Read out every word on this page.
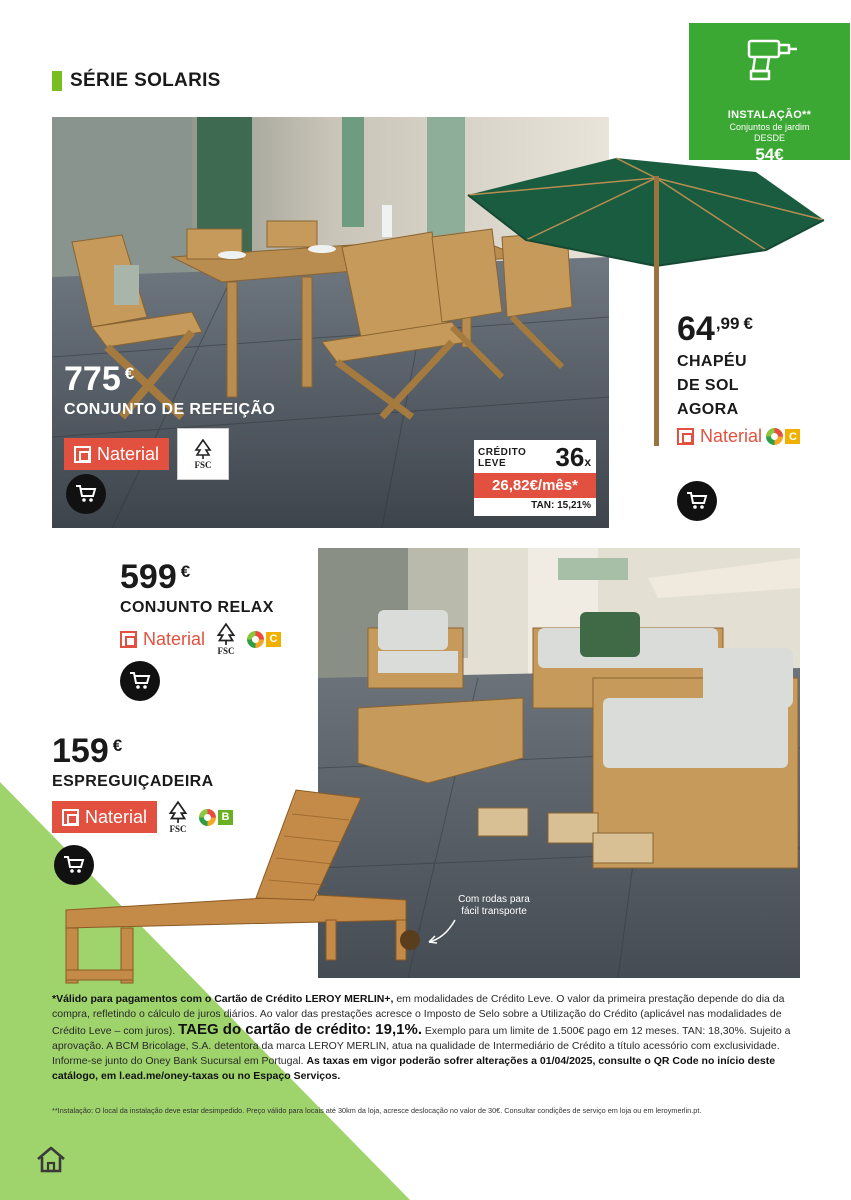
SÉRIE SOLARIS
INSTALAÇÃO**
Conjuntos de jardim
DESDE
54€
775 €
CONJUNTO DE REFEIÇÃO
Naterial
FSC
CRÉDITO
LEVE	36x
26,82€/mês*
TAN: 15,21%
64 ,99 €
CHAPÉU
DE SOL
AGORA
Naterial
	C
599 €
CONJUNTO RELAX
Naterial
FSC
C
159 €
ESPREGUIÇADEIRA
Naterial
FSC
B
Com rodas para
fácil transporte
*Válido para pagamentos com o Cartão de Crédito LEROY MERLIN+, em modalidades de Crédito Leve. O valor da primeira prestação depende do dia da compra, refletindo o cálculo de juros diários. Ao valor das prestações acresce o Imposto de Selo sobre a Utilização do Crédito (aplicável nas modalidades de Crédito Leve – com juros). TAEG do cartão de crédito: 19,1%. Exemplo para um limite de 1.500€ pago em 12 meses. TAN: 18,30%. Sujeito a aprovação. A BCM Bricolage, S.A. detentora da marca LEROY MERLIN, atua na qualidade de Intermediário de Crédito a título acessório com exclusividade. Informe-se junto do Oney Bank Sucursal em Portugal. As taxas em vigor poderão sofrer alterações a 01/04/2025, consulte o QR Code no início deste catálogo, em l.ead.me/oney-taxas ou no Espaço Serviços.
**Instalação: O local da instalação deve estar desimpedido. Preço válido para locais até 30km da loja, acresce deslocação no valor de 30€. Consultar condições de serviço em loja ou em leroymerlin.pt.
